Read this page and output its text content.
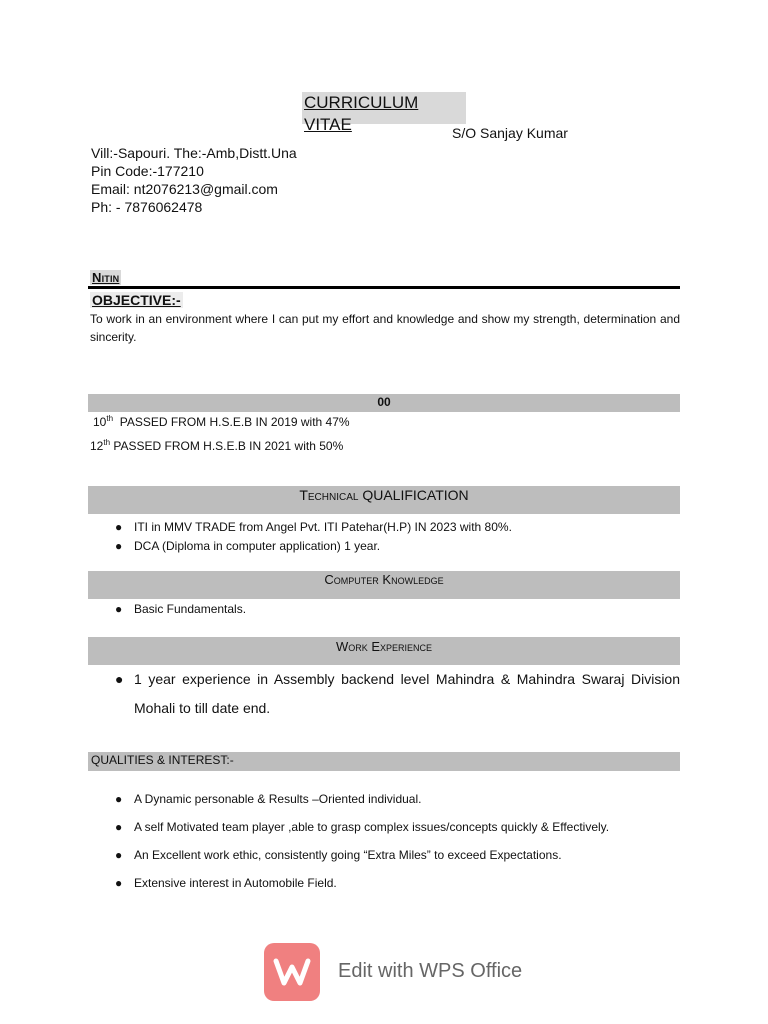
CURRICULUM VITAE	S/O Sanjay Kumar
Vill:-Sapouri. The:-Amb,Distt.Una
Pin Code:-177210
Email: nt2076213@gmail.com
Ph: - 7876062478
Nitin
OBJECTIVE:-
To work in an environment where I can put my effort and knowledge and show my strength, determination and sincerity.
00
10th PASSED FROM H.S.E.B IN 2019 with 47%
12th PASSED FROM H.S.E.B IN 2021 with 50%
Technical QUALIFICATION
● ITI in MMV TRADE from Angel Pvt. ITI Patehar(H.P) IN 2023 with 80%.
● DCA (Diploma in computer application) 1 year.
Computer Knowledge
● Basic Fundamentals.
Work Experience
● 1 year experience in Assembly backend level Mahindra & Mahindra Swaraj Division Mohali to till date end.
QUALITIES & INTEREST:-
● A Dynamic personable & Results –Oriented individual.
● A self Motivated team player ,able to grasp complex issues/concepts quickly & Effectively.
● An Excellent work ethic, consistently going “Extra Miles” to exceed Expectations.
● Extensive interest in Automobile Field.
Edit with WPS Office
